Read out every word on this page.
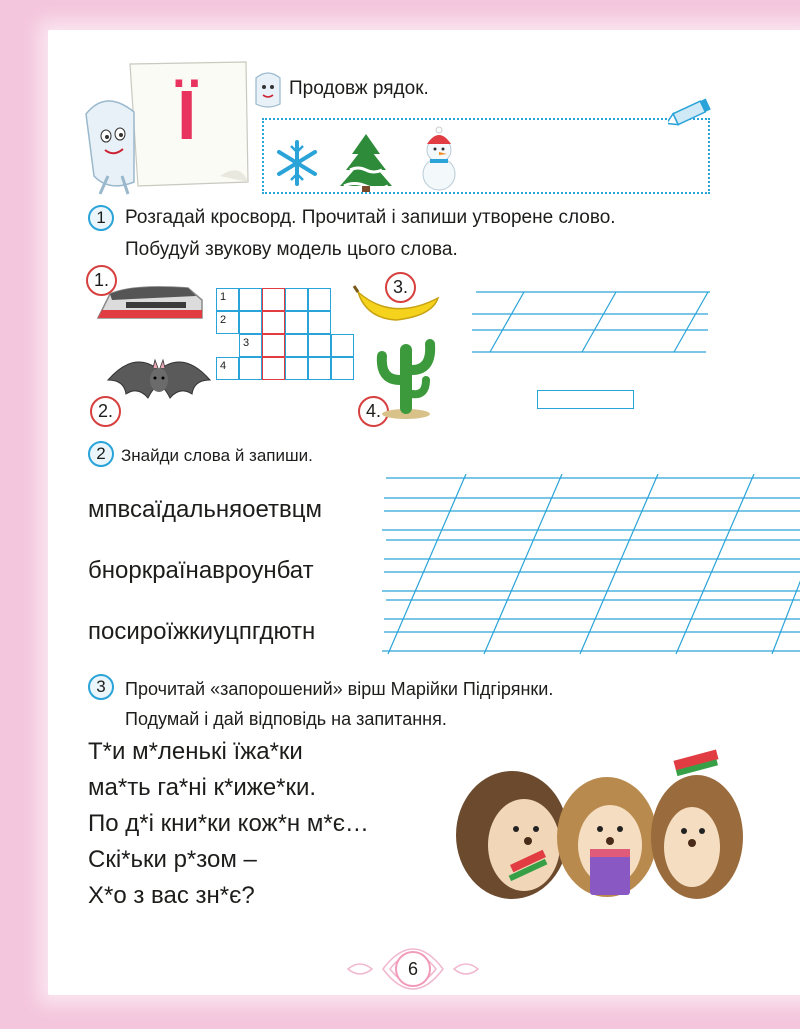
Ї	Продовж рядок.
1	Розгадай кросворд. Прочитай і запиши утворене слово.
Побудуй звукову модель цього слова.
1.
2.
3.
4.
1
2
3
4
2 Знайди слова й запиши.
мпвсаїдальняоетвцм
бноркраїнавроунбат
посироїжкиуцпгдютн
3	Прочитай «запорошений» вірш Марійки Підгірянки.
Подумай і дай відповідь на запитання.
Т*и м*ленькі їжа*ки
ма*ть га*ні к*иже*ки.
По д*і кни*ки кож*н м*є…
Скі*ьки р*зом –
Х*о з вас зн*є?
6
